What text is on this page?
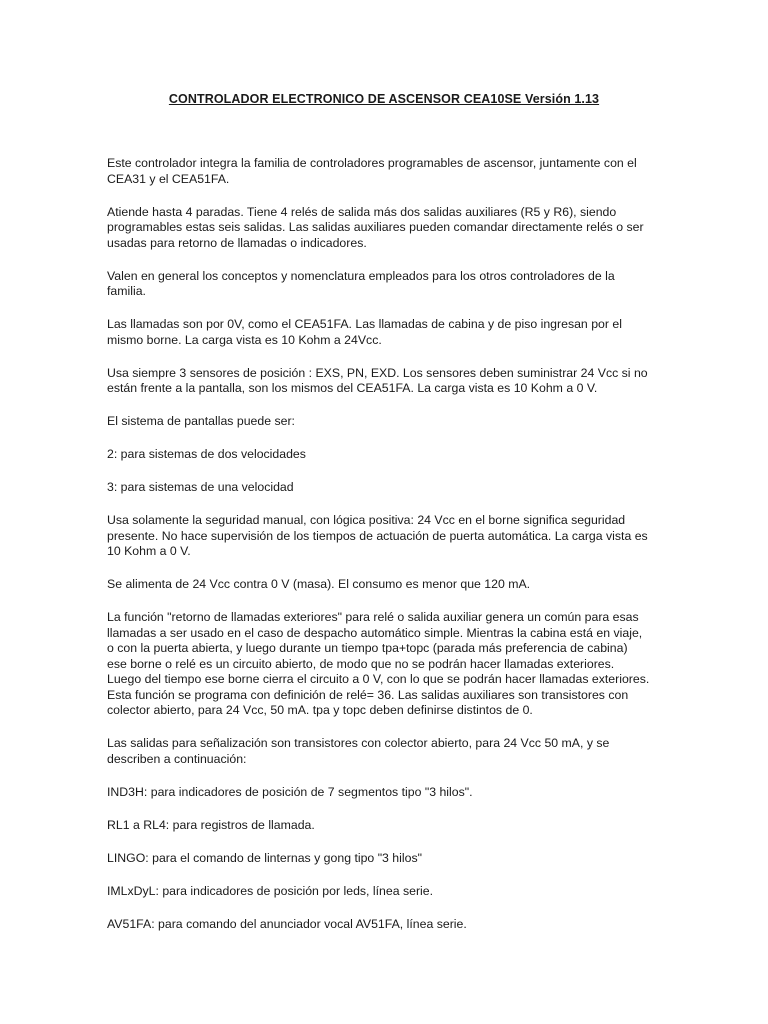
CONTROLADOR ELECTRONICO DE ASCENSOR CEA10SE Versión 1.13

Este controlador integra la familia de controladores programables de ascensor, juntamente con el
CEA31 y el CEA51FA.

Atiende hasta 4 paradas. Tiene 4 relés de salida más dos salidas auxiliares (R5 y R6), siendo
programables estas seis salidas. Las salidas auxiliares pueden comandar directamente relés o ser
usadas para retorno de llamadas o indicadores.

Valen en general los conceptos y nomenclatura empleados para los otros controladores de la
familia.

Las llamadas son por 0V, como el CEA51FA. Las llamadas de cabina y de piso ingresan por el
mismo borne. La carga vista es 10 Kohm a 24Vcc.

Usa siempre 3 sensores de posición : EXS, PN, EXD. Los sensores deben suministrar 24 Vcc si no
están frente a la pantalla, son los mismos del CEA51FA. La carga vista es 10 Kohm a 0 V.

El sistema de pantallas puede ser:

2: para sistemas de dos velocidades

3: para sistemas de una velocidad

Usa solamente la seguridad manual, con lógica positiva: 24 Vcc en el borne significa seguridad
presente. No hace supervisión de los tiempos de actuación de puerta automática. La carga vista es
10 Kohm a 0 V.

Se alimenta de 24 Vcc contra 0 V (masa). El consumo es menor que 120 mA.

La función "retorno de llamadas exteriores" para relé o salida auxiliar genera un común para esas
llamadas a ser usado en el caso de despacho automático simple. Mientras la cabina está en viaje,
o con la puerta abierta, y luego durante un tiempo tpa+topc (parada más preferencia de cabina)
ese borne o relé es un circuito abierto, de modo que no se podrán hacer llamadas exteriores.
Luego del tiempo ese borne cierra el circuito a 0 V, con lo que se podrán hacer llamadas exteriores.
Esta función se programa con definición de relé= 36. Las salidas auxiliares son transistores con
colector abierto, para 24 Vcc, 50 mA. tpa y topc deben definirse distintos de 0.

Las salidas para señalización son transistores con colector abierto, para 24 Vcc 50 mA, y se
describen a continuación:

IND3H: para indicadores de posición de 7 segmentos tipo "3 hilos".

RL1 a RL4: para registros de llamada.

LINGO: para el comando de linternas y gong tipo "3 hilos"

IMLxDyL: para indicadores de posición por leds, línea serie.

AV51FA: para comando del anunciador vocal AV51FA, línea serie.
